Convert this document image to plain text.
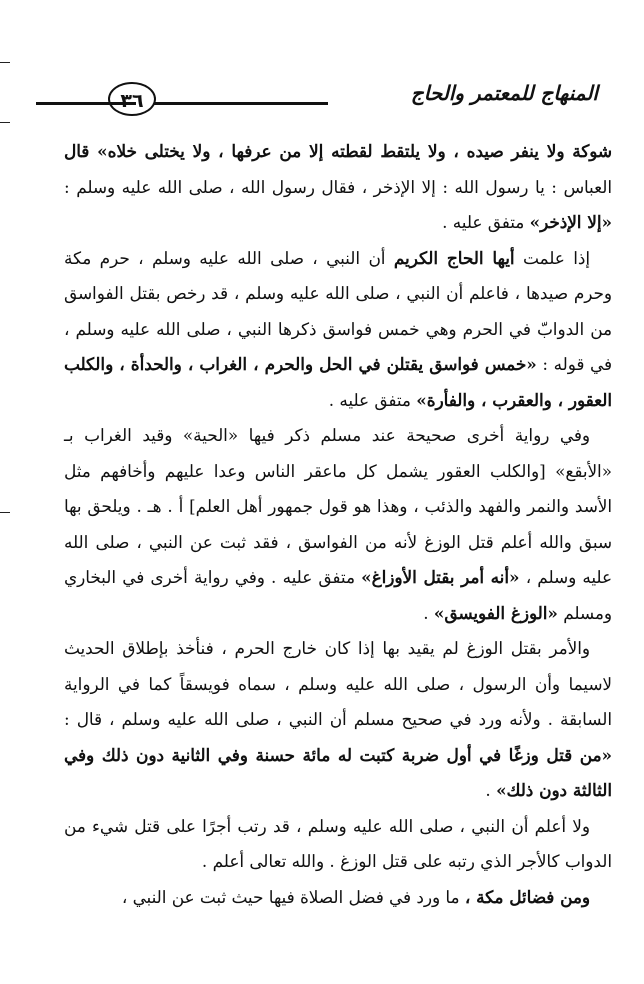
المنهاج للمعتمر والحاج
٣٦

شوكة ولا ينفر صيده ، ولا يلتقط لقطته إلا من عرفها ، ولا يختلى خلاه» قال العباس : يا رسول الله : إلا الإذخر ، فقال رسول الله ، صلى الله عليه وسلم : «إلا الإذخر» متفق عليه .

إذا علمت أيها الحاج الكريم أن النبي ، صلى الله عليه وسلم ، حرم مكة وحرم صيدها ، فاعلم أن النبي ، صلى الله عليه وسلم ، قد رخص بقتل الفواسق من الدوابّ في الحرم وهي خمس فواسق ذكرها النبي ، صلى الله عليه وسلم ، في قوله : «خمس فواسق يقتلن في الحل والحرم ، الغراب ، والحدأة ، والكلب العقور ، والعقرب ، والفأرة» متفق عليه .

وفي رواية أخرى صحيحة عند مسلم ذكر فيها «الحية» وقيد الغراب بـ «الأبقع» [والكلب العقور يشمل كل ماعقر الناس وعدا عليهم وأخافهم مثل الأسد والنمر والفهد والذئب ، وهذا هو قول جمهور أهل العلم] أ . هـ . ويلحق بها سبق والله أعلم قتل الوزغ لأنه من الفواسق ، فقد ثبت عن النبي ، صلى الله عليه وسلم ، «أنه أمر بقتل الأوزاغ» متفق عليه . وفي رواية أخرى في البخاري ومسلم «الوزغ الفويسق» .

والأمر بقتل الوزغ لم يقيد بها إذا كان خارج الحرم ، فنأخذ بإطلاق الحديث لاسيما وأن الرسول ، صلى الله عليه وسلم ، سماه فويسقاً كما في الرواية السابقة . ولأنه ورد في صحيح مسلم أن النبي ، صلى الله عليه وسلم ، قال : «من قتل وزغًا في أول ضربة كتبت له مائة حسنة وفي الثانية دون ذلك وفي الثالثة دون ذلك» .

ولا أعلم أن النبي ، صلى الله عليه وسلم ، قد رتب أجرًا على قتل شيء من الدواب كالأجر الذي رتبه على قتل الوزغ . والله تعالى أعلم .

ومن فضائل مكة ، ما ورد في فضل الصلاة فيها حيث ثبت عن النبي ،
